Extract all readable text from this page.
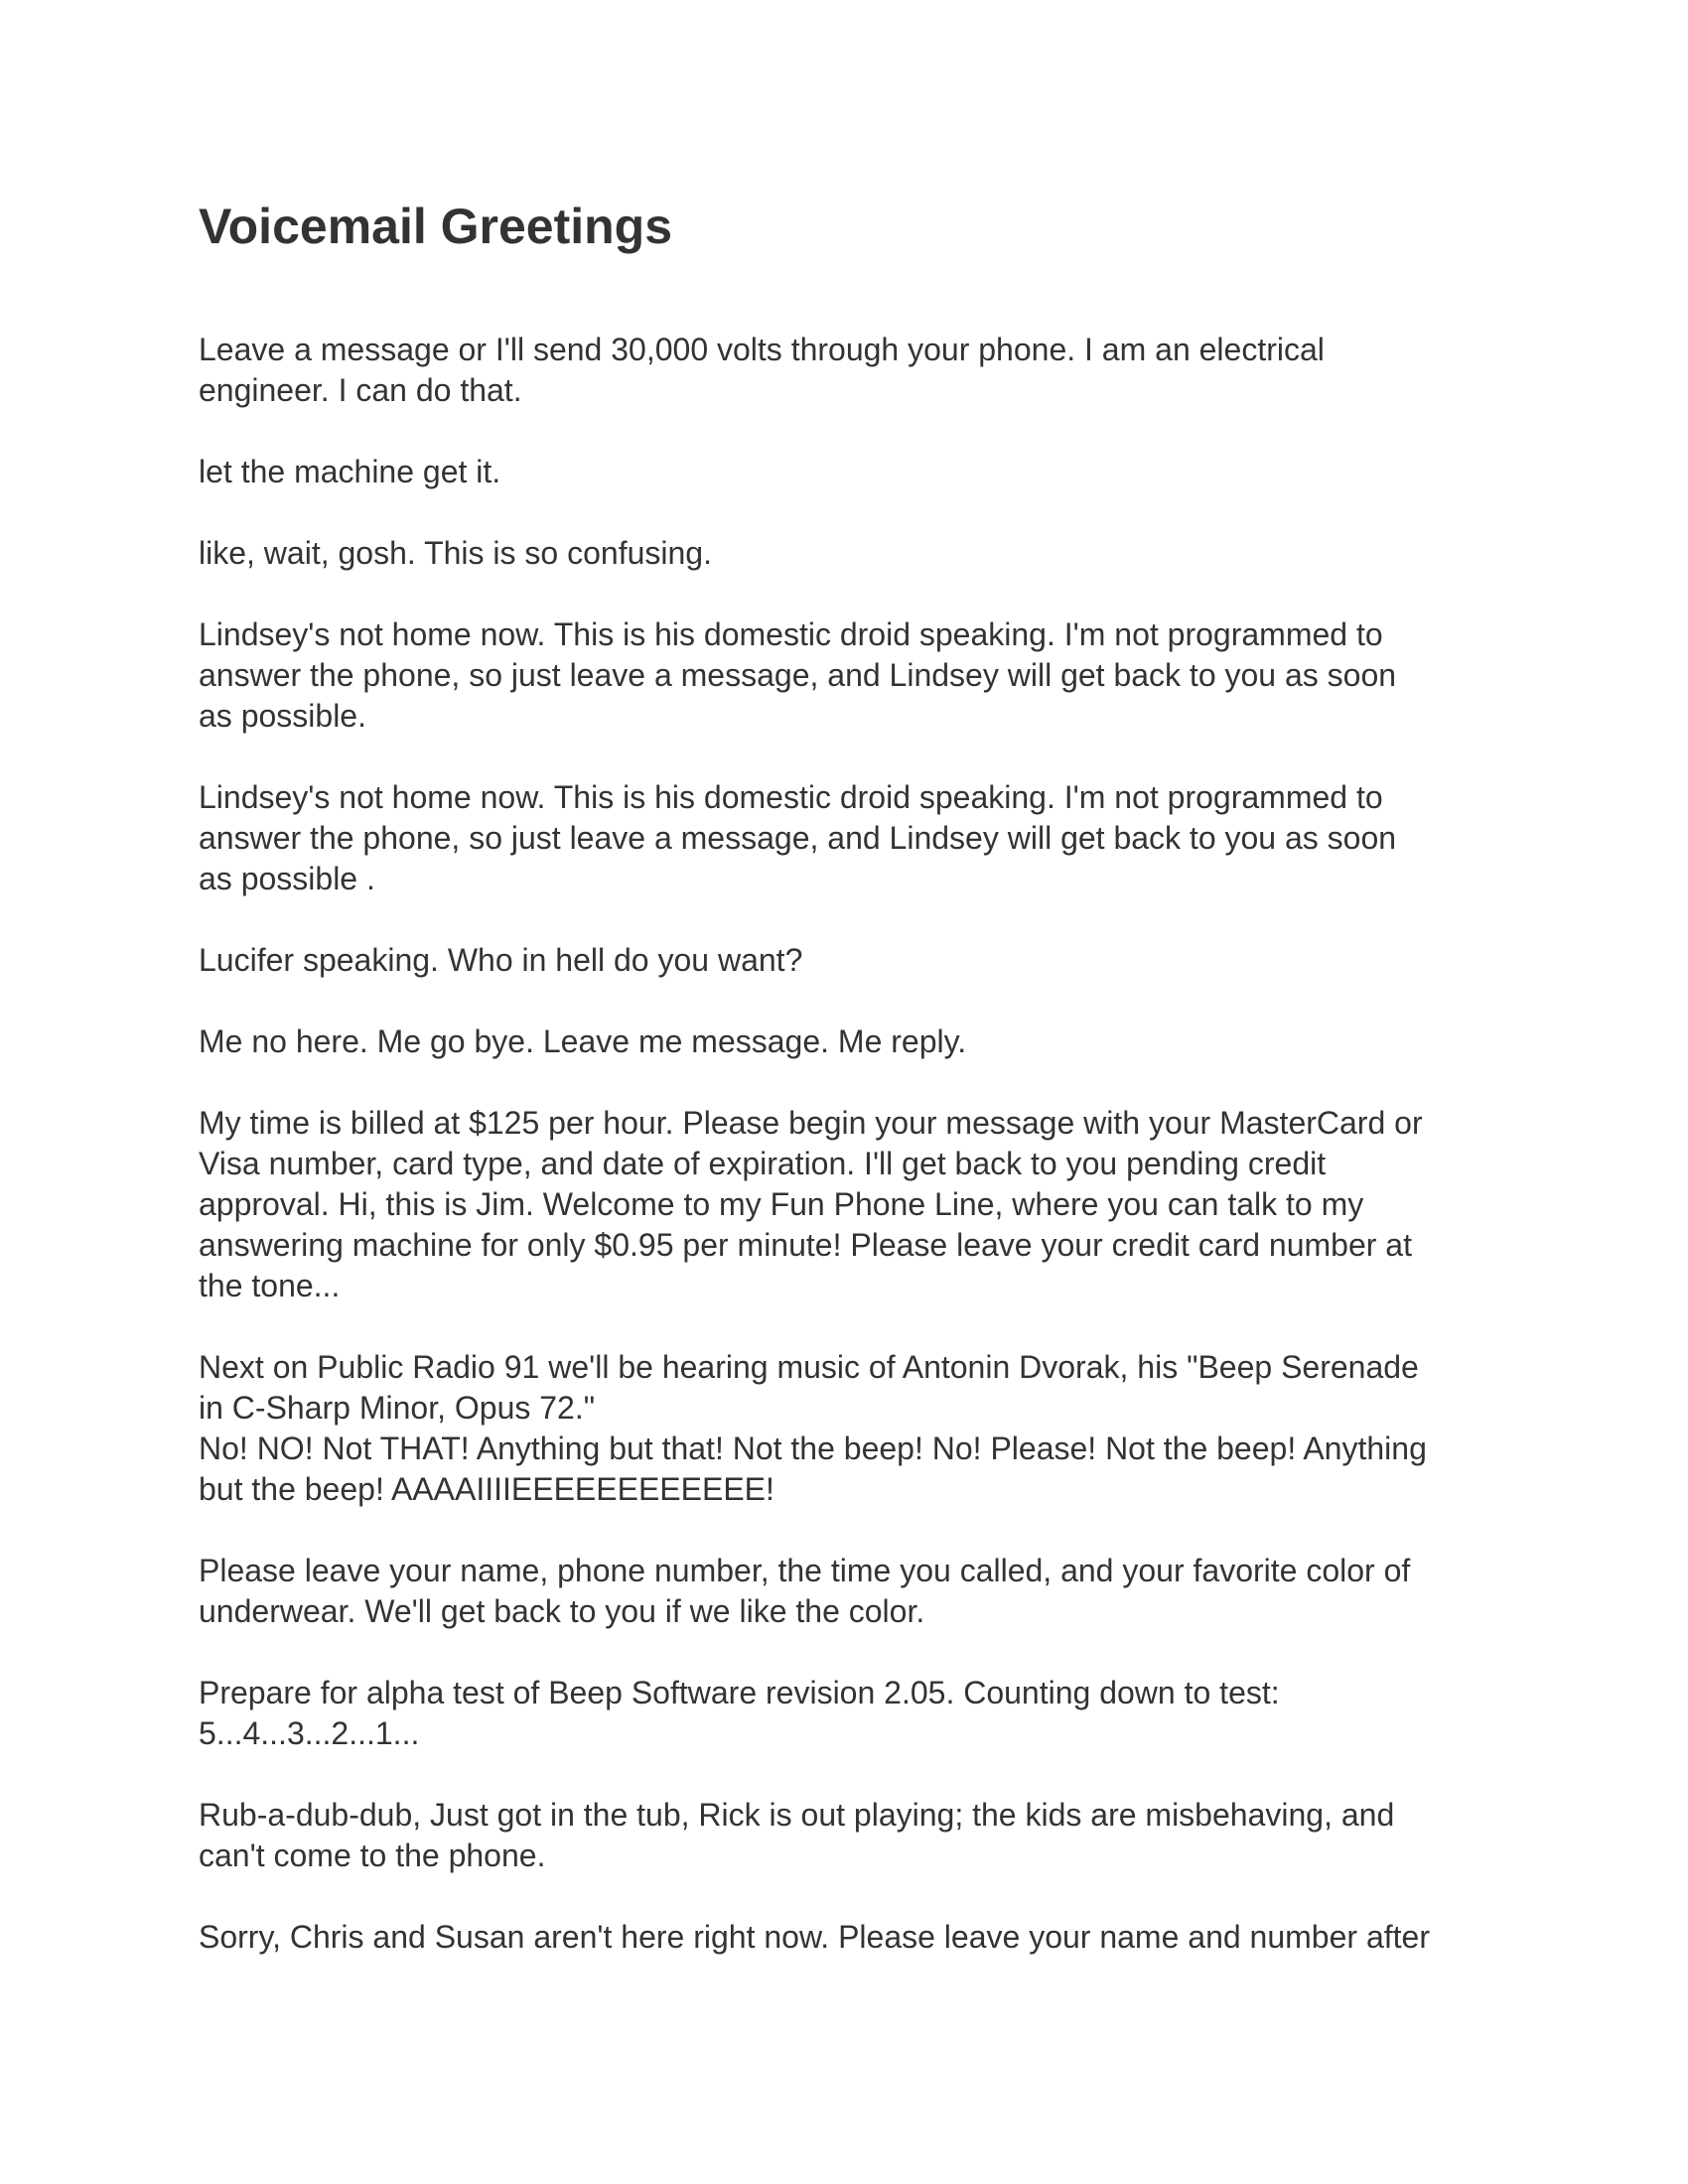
Voicemail Greetings

Leave a message or I'll send 30,000 volts through your phone. I am an electrical
engineer. I can do that.

let the machine get it.

like, wait, gosh. This is so confusing.

Lindsey's not home now. This is his domestic droid speaking. I'm not programmed to
answer the phone, so just leave a message, and Lindsey will get back to you as soon
as possible.

Lindsey's not home now. This is his domestic droid speaking. I'm not programmed to
answer the phone, so just leave a message, and Lindsey will get back to you as soon
as possible .

Lucifer speaking. Who in hell do you want?

Me no here. Me go bye. Leave me message. Me reply.

My time is billed at $125 per hour. Please begin your message with your MasterCard or
Visa number, card type, and date of expiration. I'll get back to you pending credit
approval. Hi, this is Jim. Welcome to my Fun Phone Line, where you can talk to my
answering machine for only $0.95 per minute! Please leave your credit card number at
the tone...

Next on Public Radio 91 we'll be hearing music of Antonin Dvorak, his "Beep Serenade
in C-Sharp Minor, Opus 72."
No! NO! Not THAT! Anything but that! Not the beep! No! Please! Not the beep! Anything
but the beep! AAAAIIIIEEEEEEEEEEEE!

Please leave your name, phone number, the time you called, and your favorite color of
underwear. We'll get back to you if we like the color.

Prepare for alpha test of Beep Software revision 2.05. Counting down to test:
5...4...3...2...1...

Rub-a-dub-dub, Just got in the tub, Rick is out playing; the kids are misbehaving, and
can't come to the phone.

Sorry, Chris and Susan aren't here right now. Please leave your name and number after
